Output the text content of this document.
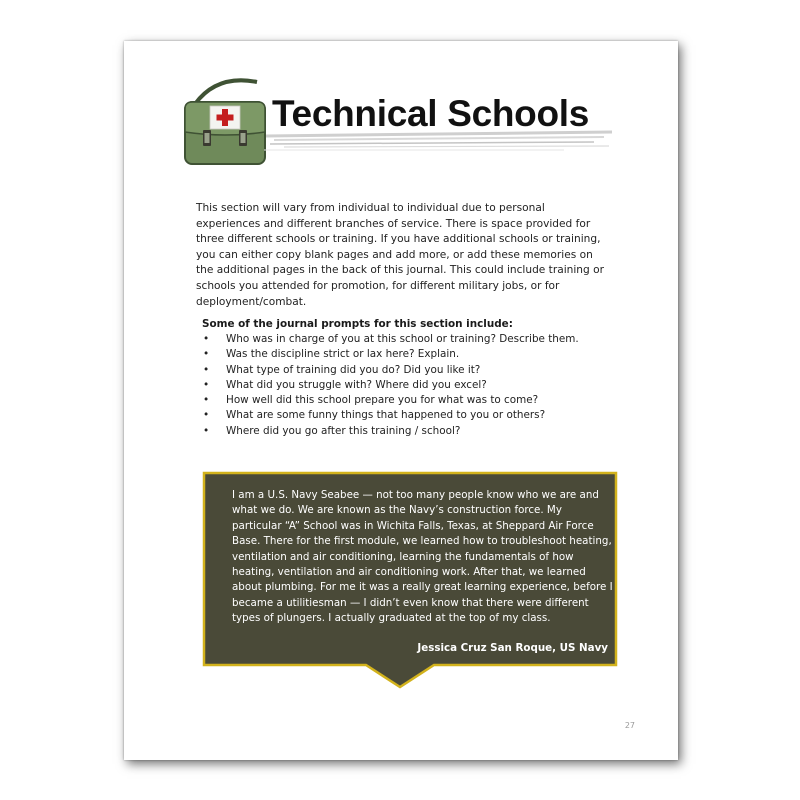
Technical Schools

This section will vary from individual to individual due to personal experiences and different branches of service. There is space provided for three different schools or training. If you have additional schools or training, you can either copy blank pages and add more, or add these memories on the additional pages in the back of this journal. This could include training or schools you attended for promotion, for different military jobs, or for deployment/combat.

Some of the journal prompts for this section include:

• Who was in charge of you at this school or training? Describe them.
• Was the discipline strict or lax here? Explain.
• What type of training did you do? Did you like it?
• What did you struggle with? Where did you excel?
• How well did this school prepare you for what was to come?
• What are some funny things that happened to you or others?
• Where did you go after this training / school?

I am a U.S. Navy Seabee — not too many people know who we are and what we do. We are known as the Navy’s construction force. My particular “A” School was in Wichita Falls, Texas, at Sheppard Air Force Base. There for the first module, we learned how to troubleshoot heating, ventilation and air conditioning, learning the fundamentals of how heating, ventilation and air conditioning work. After that, we learned about plumbing. For me it was a really great learning experience, before I became a utilitiesman — I didn’t even know that there were different types of plungers. I actually graduated at the top of my class.

Jessica Cruz San Roque, US Navy

27
